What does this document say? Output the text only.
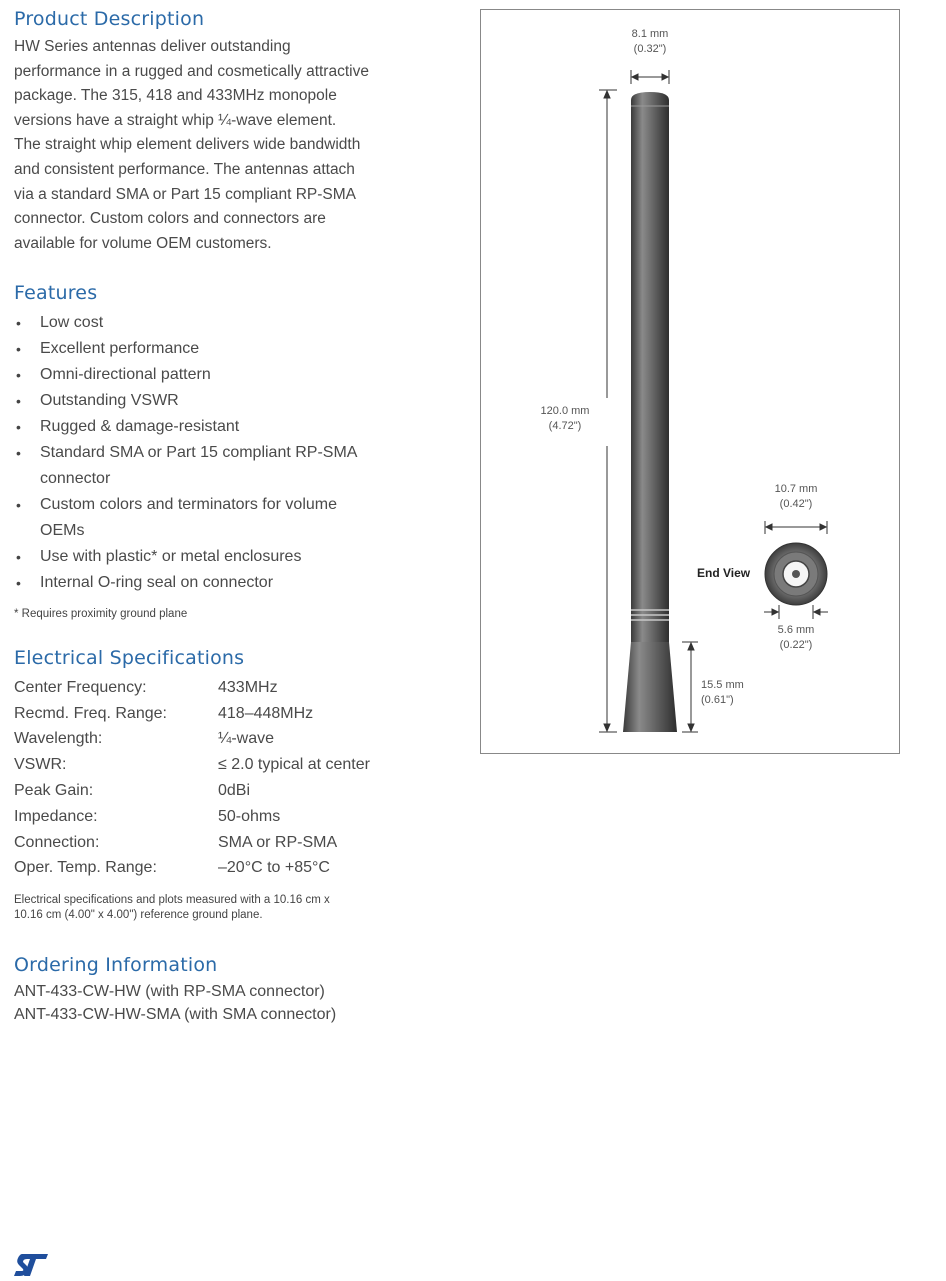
Product Description
HW Series antennas deliver outstanding
performance in a rugged and cosmetically attractive
package. The 315, 418 and 433MHz monopole
versions have a straight whip ¼-wave element.
The straight whip element delivers wide bandwidth
and consistent performance. The antennas attach
via a standard SMA or Part 15 compliant RP-SMA
connector. Custom colors and connectors are
available for volume OEM customers.
Features
• Low cost
• Excellent performance
• Omni-directional pattern
• Outstanding VSWR
• Rugged & damage-resistant
• Standard SMA or Part 15 compliant RP-SMA
connector
• Custom colors and terminators for volume
OEMs
• Use with plastic* or metal enclosures
• Internal O-ring seal on connector
* Requires proximity ground plane
Electrical Specifications
Center Frequency:	433MHz
Recmd. Freq. Range:	418–448MHz
Wavelength:	¼-wave
VSWR:	≤ 2.0 typical at center
Peak Gain:	0dBi
Impedance:	50-ohms
Connection:	SMA or RP-SMA
Oper. Temp. Range:	–20°C to +85°C
Electrical specifications and plots measured with a 10.16 cm x
10.16 cm (4.00" x 4.00") reference ground plane.
Ordering Information
ANT-433-CW-HW (with RP-SMA connector)
ANT-433-CW-HW-SMA (with SMA connector)
8.1 mm
(0.32")
120.0 mm
(4.72")
15.5 mm
(0.61")
10.7 mm
(0.42")
5.6 mm
(0.22")
End View
